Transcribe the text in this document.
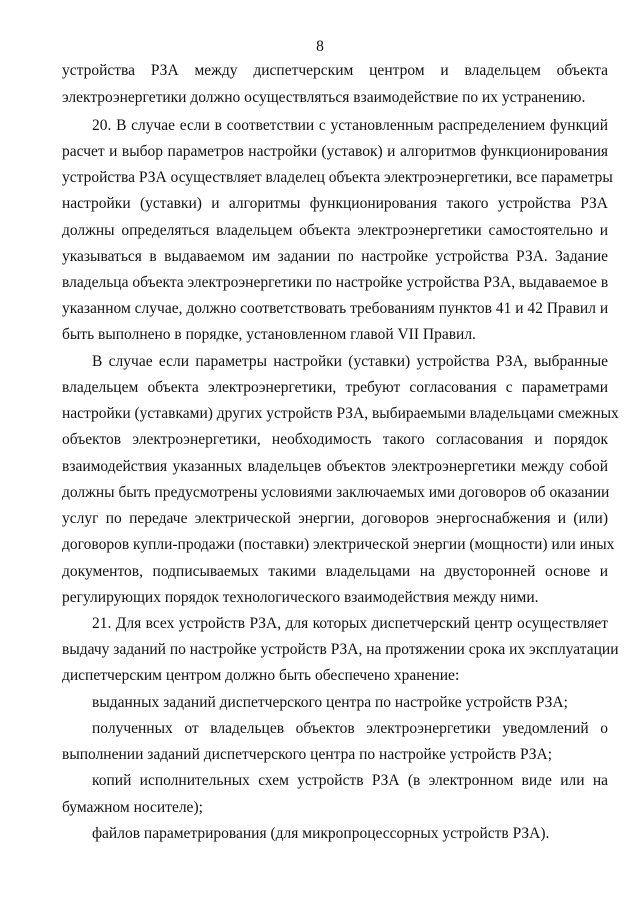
8
устройства РЗА между диспетчерским центром и владельцем объекта
электроэнергетики должно осуществляться взаимодействие по их устранению.
20. В случае если в соответствии с установленным распределением функций
расчет и выбор параметров настройки (уставок) и алгоритмов функционирования
устройства РЗА осуществляет владелец объекта электроэнергетики, все параметры
настройки (уставки) и алгоритмы функционирования такого устройства РЗА
должны определяться владельцем объекта электроэнергетики самостоятельно и
указываться в выдаваемом им задании по настройке устройства РЗА. Задание
владельца объекта электроэнергетики по настройке устройства РЗА, выдаваемое в
указанном случае, должно соответствовать требованиям пунктов 41 и 42 Правил и
быть выполнено в порядке, установленном главой VII Правил.
В случае если параметры настройки (уставки) устройства РЗА, выбранные
владельцем объекта электроэнергетики, требуют согласования с параметрами
настройки (уставками) других устройств РЗА, выбираемыми владельцами смежных
объектов электроэнергетики, необходимость такого согласования и порядок
взаимодействия указанных владельцев объектов электроэнергетики между собой
должны быть предусмотрены условиями заключаемых ими договоров об оказании
услуг по передаче электрической энергии, договоров энергоснабжения и (или)
договоров купли-продажи (поставки) электрической энергии (мощности) или иных
документов, подписываемых такими владельцами на двусторонней основе и
регулирующих порядок технологического взаимодействия между ними.
21. Для всех устройств РЗА, для которых диспетчерский центр осуществляет
выдачу заданий по настройке устройств РЗА, на протяжении срока их эксплуатации
диспетчерским центром должно быть обеспечено хранение:
выданных заданий диспетчерского центра по настройке устройств РЗА;
полученных от владельцев объектов электроэнергетики уведомлений о
выполнении заданий диспетчерского центра по настройке устройств РЗА;
копий исполнительных схем устройств РЗА (в электронном виде или на
бумажном носителе);
файлов параметрирования (для микропроцессорных устройств РЗА).
